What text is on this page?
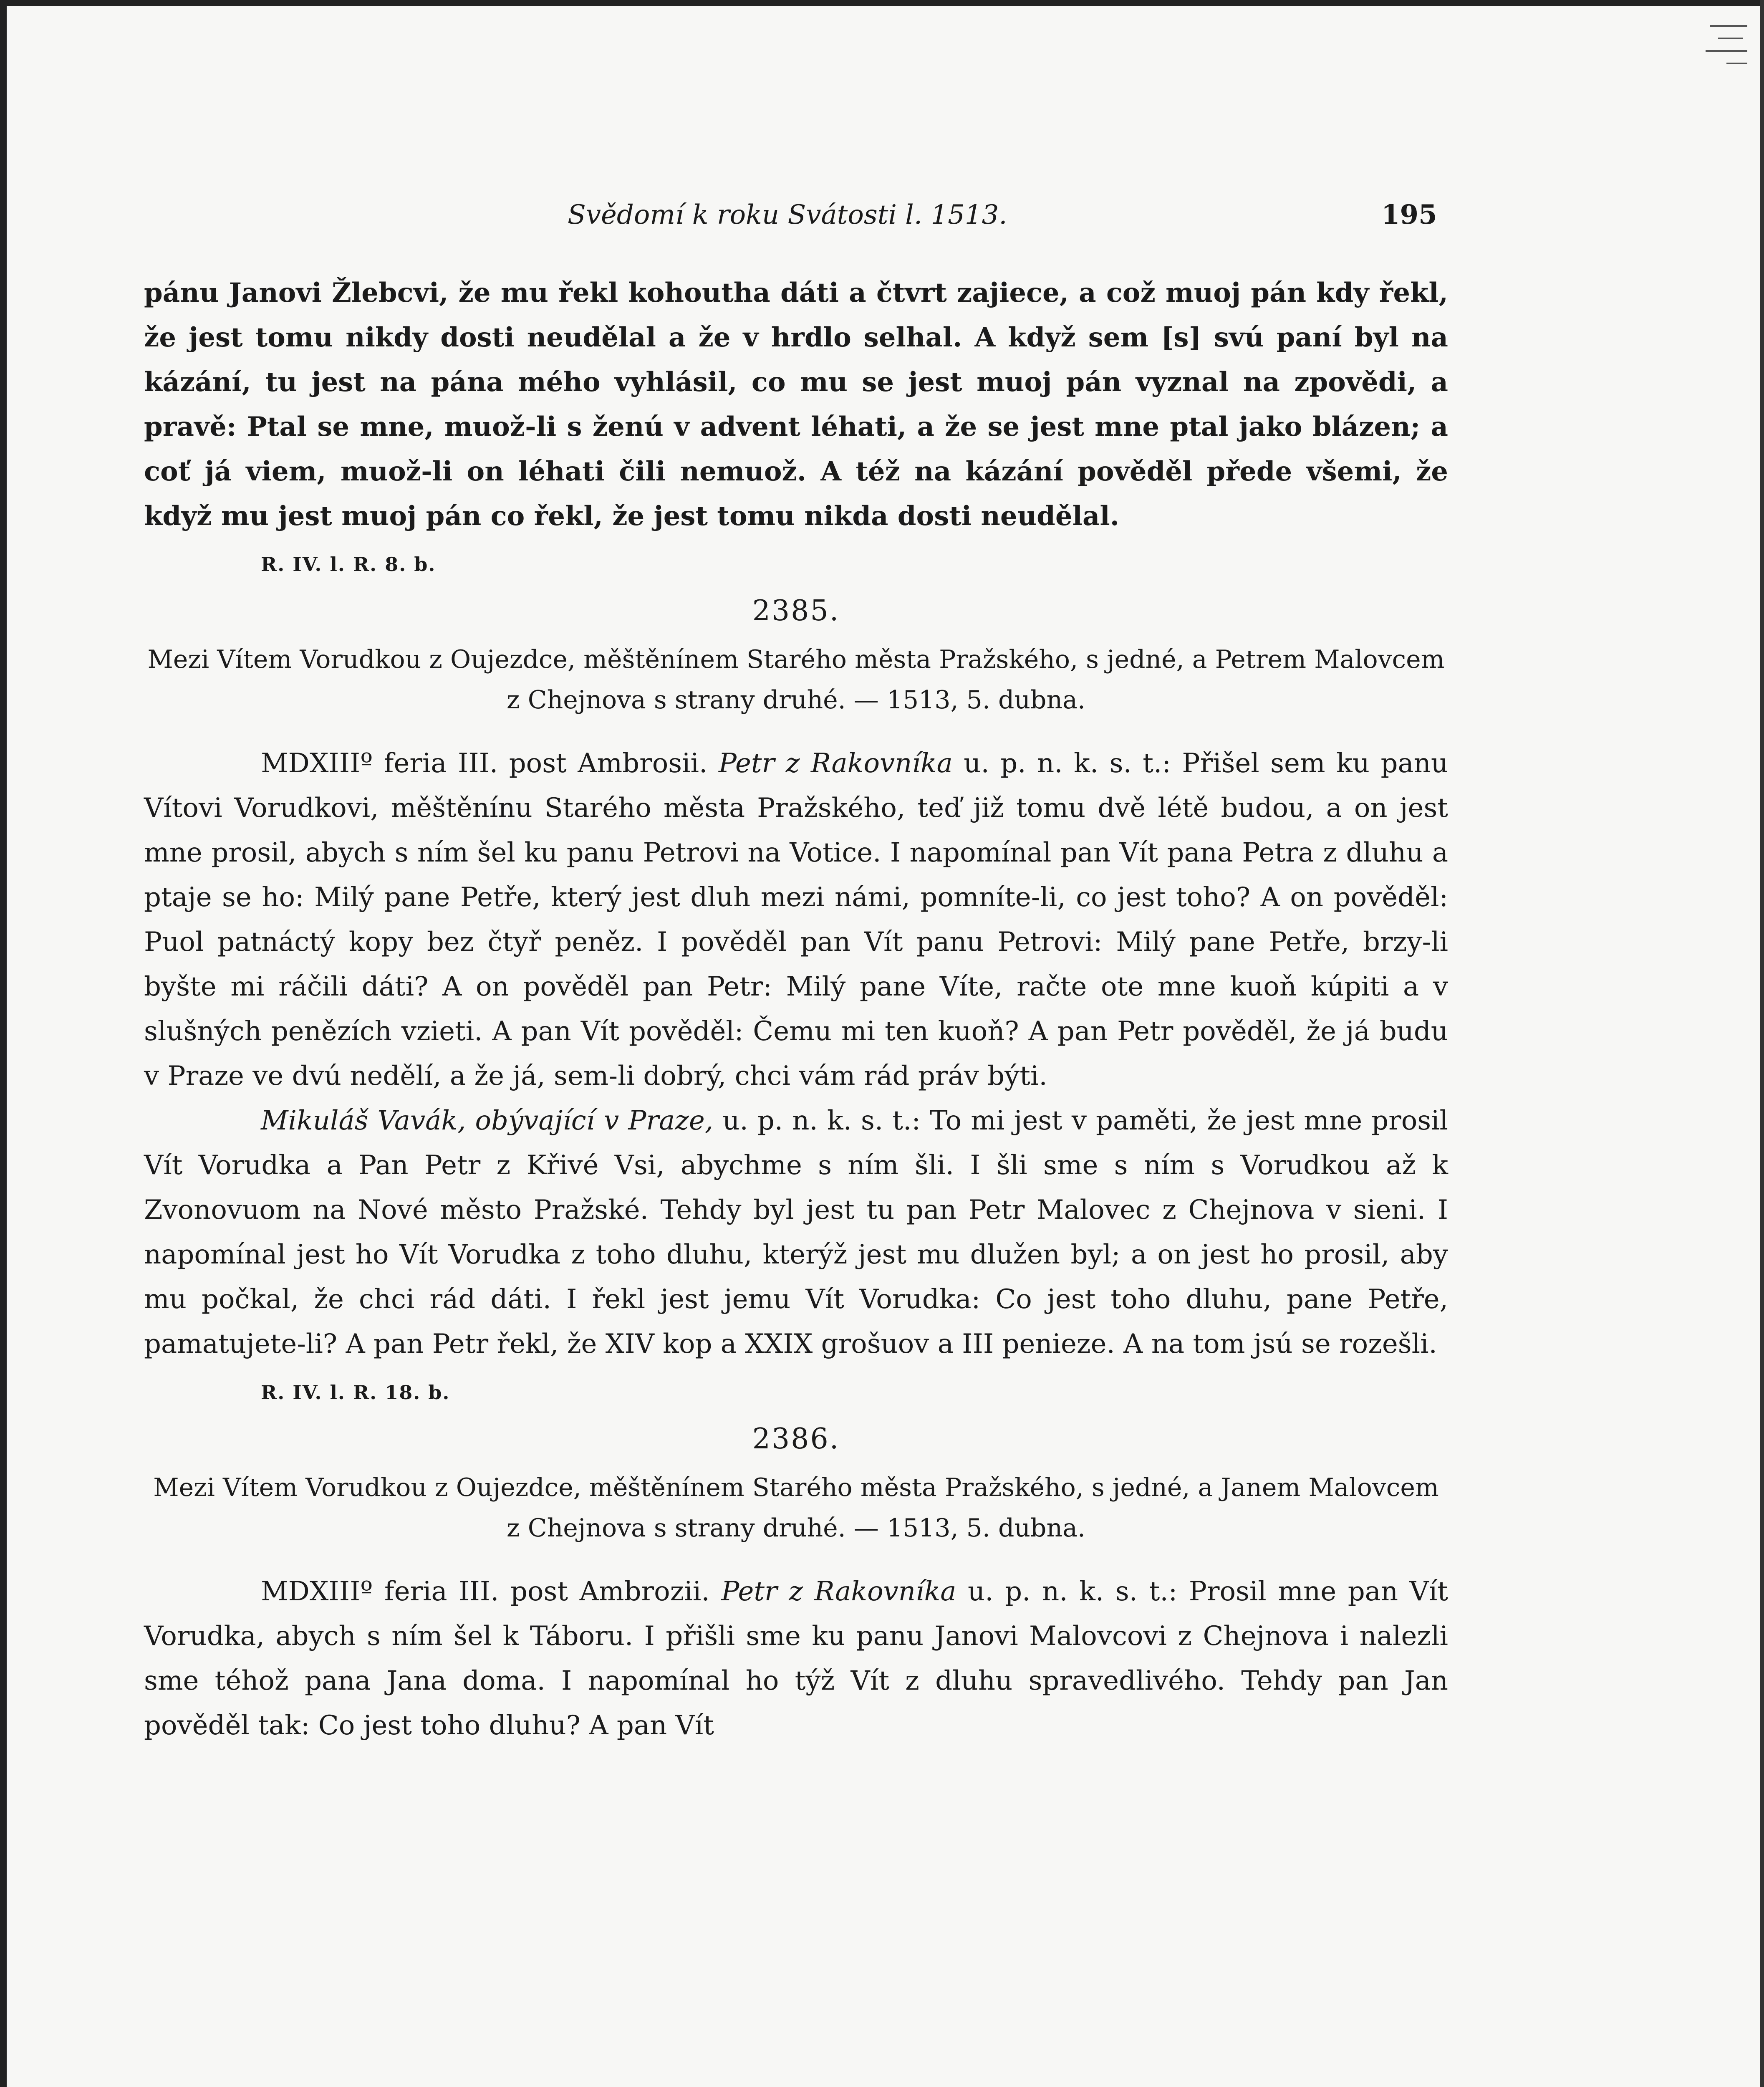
Svědomí k roku Svátosti l. 1513.	195

pánu Janovi Žlebcvi, že mu řekl kohoutha dáti a čtvrt zajiece, a což muoj pán kdy řekl, že jest tomu nikdy dosti neudělal a že v hrdlo selhal. A když sem [s] svú paní byl na kázání, tu jest na pána mého vyhlásil, co mu se jest muoj pán vyznal na zpovědi, a pravě: Ptal se mne, muož-li s ženú v advent léhati, a že se jest mne ptal jako blázen; a coť já viem, muož-li on léhati čili nemuož. A též na kázání pověděl přede všemi, že když mu jest muoj pán co řekl, že jest tomu nikda dosti neudělal.

R. IV. l. R. 8. b.
2385.
Mezi Vítem Vorudkou z Oujezdce, měštěnínem Starého města Pražského, s jedné, a Petrem Malovcem z Chejnova s strany druhé. — 1513, 5. dubna.

MDXIIIº feria III. post Ambrosii. Petr z Rakovníka u. p. n. k. s. t.: Přišel sem ku panu Vítovi Vorudkovi, měštěnínu Starého města Pražského, teď již tomu dvě létě budou, a on jest mne prosil, abych s ním šel ku panu Petrovi na Votice. I napomínal pan Vít pana Petra z dluhu a ptaje se ho: Milý pane Petře, který jest dluh mezi námi, pomníte-li, co jest toho? A on pověděl: Puol patnáctý kopy bez čtyř peněz. I pověděl pan Vít panu Petrovi: Milý pane Petře, brzy-li byšte mi ráčili dáti? A on pověděl pan Petr: Milý pane Víte, račte ote mne kuoň kúpiti a v slušných penězích vzieti. A pan Vít pověděl: Čemu mi ten kuoň? A pan Petr pověděl, že já budu v Praze ve dvú nedělí, a že já, sem-li dobrý, chci vám rád práv býti.

Mikuláš Vavák, obývající v Praze, u. p. n. k. s. t.: To mi jest v paměti, že jest mne prosil Vít Vorudka a Pan Petr z Křivé Vsi, abychme s ním šli. I šli sme s ním s Vorudkou až k Zvonovuom na Nové město Pražské. Tehdy byl jest tu pan Petr Malovec z Chejnova v sieni. I napomínal jest ho Vít Vorudka z toho dluhu, kterýž jest mu dlužen byl; a on jest ho prosil, aby mu počkal, že chci rád dáti. I řekl jest jemu Vít Vorudka: Co jest toho dluhu, pane Petře, pamatujete-li? A pan Petr řekl, že XIV kop a XXIX grošuov a III penieze. A na tom jsú se rozešli.

R. IV. l. R. 18. b.
2386.
Mezi Vítem Vorudkou z Oujezdce, měštěnínem Starého města Pražského, s jedné, a Janem Malovcem z Chejnova s strany druhé. — 1513, 5. dubna.

MDXIIIº feria III. post Ambrozii. Petr z Rakovníka u. p. n. k. s. t.: Prosil mne pan Vít Vorudka, abych s ním šel k Táboru. I přišli sme ku panu Janovi Malovcovi z Chejnova i nalezli sme téhož pana Jana doma. I napomínal ho týž Vít z dluhu spravedlivého. Tehdy pan Jan pověděl tak: Co jest toho dluhu? A pan Vít
